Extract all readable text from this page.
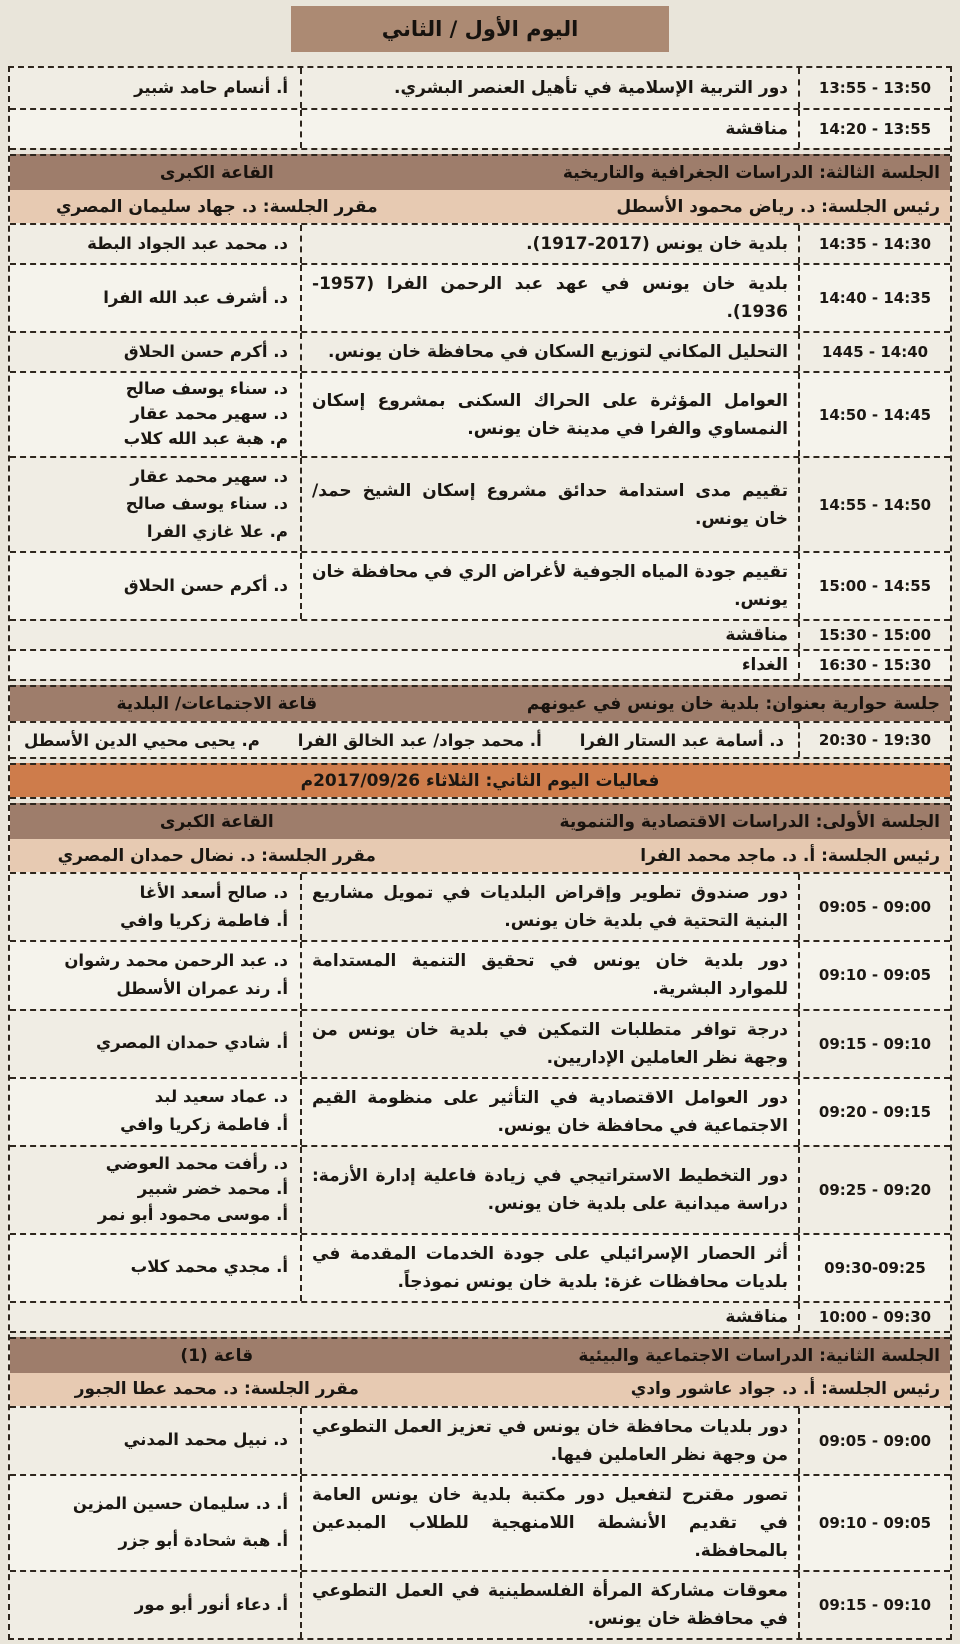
اليوم الأول / الثاني
13:55 - 13:50
دور التربية الإسلامية في تأهيل العنصر البشري.
أ. أنسام حامد شبير
14:20 - 13:55
مناقشة
الجلسة الثالثة: الدراسات الجغرافية والتاريخية
القاعة الكبرى
رئيس الجلسة: د. رياض محمود الأسطل
مقرر الجلسة: د. جهاد سليمان المصري
14:35 - 14:30
بلدية خان يونس (2017-1917).
د. محمد عبد الجواد البطة
14:40 - 14:35
بلدية خان يونس في عهد عبد الرحمن الفرا (1957-1936).
د. أشرف عبد الله الفرا
1445 - 14:40
التحليل المكاني لتوزيع السكان في محافظة خان يونس.
د. أكرم حسن الحلاق
14:50 - 14:45
العوامل المؤثرة على الحراك السكنى بمشروع إسكان النمساوي والفرا في مدينة خان يونس.
د. سناء يوسف صالح
د. سهير محمد عقار
م. هبة عبد الله كلاب
14:55 - 14:50
تقييم مدى استدامة حدائق مشروع إسكان الشيخ حمد/ خان يونس.
د. سهير محمد عقار
د. سناء يوسف صالح
م. علا غازي الفرا
15:00 - 14:55
تقييم جودة المياه الجوفية لأغراض الري في محافظة خان يونس.
د. أكرم حسن الحلاق
15:30 - 15:00
مناقشة
16:30 - 15:30
الغداء
جلسة حوارية بعنوان: بلدية خان يونس في عيونهم
قاعة الاجتماعات/ البلدية
20:30 - 19:30
د. أسامة عبد الستار الفرا
أ. محمد جواد/ عبد الخالق الفرا
م. يحيى محيي الدين الأسطل
فعاليات اليوم الثاني: الثلاثاء 2017/09/26م
الجلسة الأولى: الدراسات الاقتصادية والتنموية
القاعة الكبرى
رئيس الجلسة: أ. د. ماجد محمد الفرا
مقرر الجلسة: د. نضال حمدان المصري
09:05 - 09:00
دور صندوق تطوير وإقراض البلديات في تمويل مشاريع البنية التحتية في بلدية خان يونس.
د. صالح أسعد الأغا
أ. فاطمة زكريا وافي
09:10 - 09:05
دور بلدية خان يونس في تحقيق التنمية المستدامة للموارد البشرية.
د. عبد الرحمن محمد رشوان
أ. رند عمران الأسطل
09:15 - 09:10
درجة توافر متطلبات التمكين في بلدية خان يونس من وجهة نظر العاملين الإداريين.
أ. شادي حمدان المصري
09:20 - 09:15
دور العوامل الاقتصادية في التأثير على منظومة القيم الاجتماعية في محافظة خان يونس.
د. عماد سعيد لبد
أ. فاطمة زكريا وافي
09:25 - 09:20
دور التخطيط الاستراتيجي في زيادة فاعلية إدارة الأزمة: دراسة ميدانية على بلدية خان يونس.
د. رأفت محمد العوضي
أ. محمد خضر شبير
أ. موسى محمود أبو نمر
09:30-09:25
أثر الحصار الإسرائيلي على جودة الخدمات المقدمة في بلديات محافظات غزة: بلدية خان يونس نموذجاً.
أ. مجدي محمد كلاب
10:00 - 09:30
مناقشة
الجلسة الثانية: الدراسات الاجتماعية والبيئية
قاعة (1)
رئيس الجلسة: أ. د. جواد عاشور وادي
مقرر الجلسة: د. محمد عطا الجبور
09:05 - 09:00
دور بلديات محافظة خان يونس في تعزيز العمل التطوعي من وجهة نظر العاملين فيها.
د. نبيل محمد المدني
09:10 - 09:05
تصور مقترح لتفعيل دور مكتبة بلدية خان يونس العامة في تقديم الأنشطة اللامنهجية للطلاب المبدعين بالمحافظة.
أ. د. سليمان حسين المزين
أ. هبة شحادة أبو جزر
09:15 - 09:10
معوقات مشاركة المرأة الفلسطينية في العمل التطوعي في محافظة خان يونس.
أ. دعاء أنور أبو مور
